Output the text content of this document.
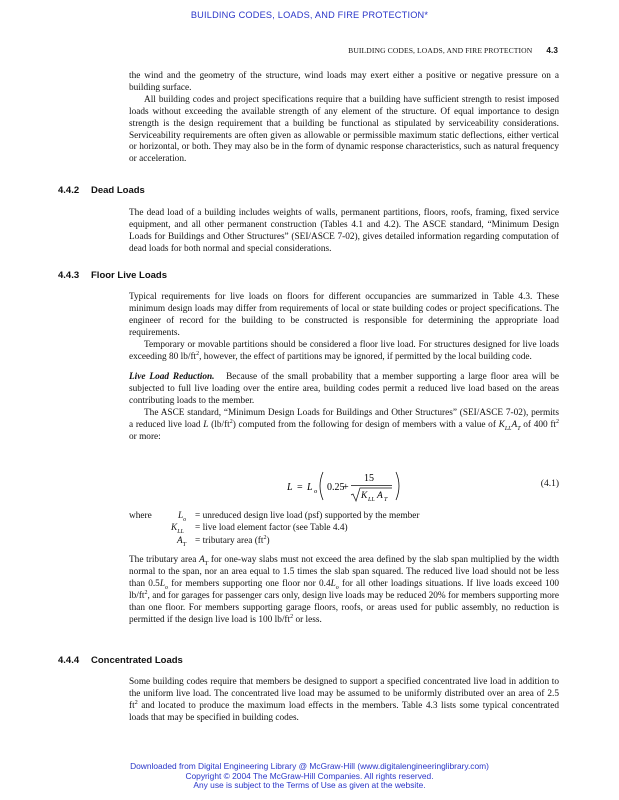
BUILDING CODES, LOADS, AND FIRE PROTECTION*
BUILDING CODES, LOADS, AND FIRE PROTECTION 4.3

the wind and the geometry of the structure, wind loads may exert either a positive or negative pressure on a building surface.

All building codes and project specifications require that a building have sufficient strength to resist imposed loads without exceeding the available strength of any element of the structure. Of equal importance to design strength is the design requirement that a building be functional as stipulated by serviceability considerations. Serviceability requirements are often given as allowable or permissible maximum static deflections, either vertical or horizontal, or both. They may also be in the form of dynamic response characteristics, such as natural frequency or acceleration.

4.4.2 Dead Loads

The dead load of a building includes weights of walls, permanent partitions, floors, roofs, framing, fixed service equipment, and all other permanent construction (Tables 4.1 and 4.2). The ASCE standard, “Minimum Design Loads for Buildings and Other Structures” (SEI/ASCE 7-02), gives detailed information regarding computation of dead loads for both normal and special considerations.

4.4.3 Floor Live Loads

Typical requirements for live loads on floors for different occupancies are summarized in Table 4.3. These minimum design loads may differ from requirements of local or state building codes or project specifications. The engineer of record for the building to be constructed is responsible for determining the appropriate load requirements.

Temporary or movable partitions should be considered a floor live load. For structures designed for live loads exceeding 80 $lb/ft^2$, however, the effect of partitions may be ignored, if permitted by the local building code.

Live Load Reduction. Because of the small probability that a member supporting a large floor area will be subjected to full live loading over the entire area, building codes permit a reduced live load based on the areas contributing loads to the member.

The ASCE standard, “Minimum Design Loads for Buildings and Other Structures” (SEI/ASCE 7-02), permits a reduced live load L $(lb/ft^2)$ computed from the following for design of members with a value of $K_{LL}A_T$ of 400 $ft^2$ or more:

L = L o 0.25
+
15
K LL A T
(4.1)
where	$L_o$ = unreduced design live load (psf) supported by the member
$K_{LL}$ = live load element factor (see Table 4.4)
$A_T$ = tributary area $(ft^2)$

The tributary area $A_T$ for one-way slabs must not exceed the area defined by the slab span multiplied by the width normal to the span, nor an area equal to 1.5 times the slab span squared. The reduced live load should not be less than $0.5L_o$ for members supporting one floor nor $0.4L_o$ for all other loadings situations. If live loads exceed 100 $lb/ft^2$, and for garages for passenger cars only, design live loads may be reduced 20% for members supporting more than one floor. For members supporting garage floors, roofs, or areas used for public assembly, no reduction is permitted if the design live load is 100 $lb/ft^2$ or less.

4.4.4 Concentrated Loads

Some building codes require that members be designed to support a specified concentrated live load in addition to the uniform live load. The concentrated live load may be assumed to be uniformly distributed over an area of 2.5 $ft^2$ and located to produce the maximum load effects in the members. Table 4.3 lists some typical concentrated loads that may be specified in building codes.

Downloaded from Digital Engineering Library @ McGraw-Hill (www.digitalengineeringlibrary.com)
Copyright © 2004 The McGraw-Hill Companies. All rights reserved.
Any use is subject to the Terms of Use as given at the website.
